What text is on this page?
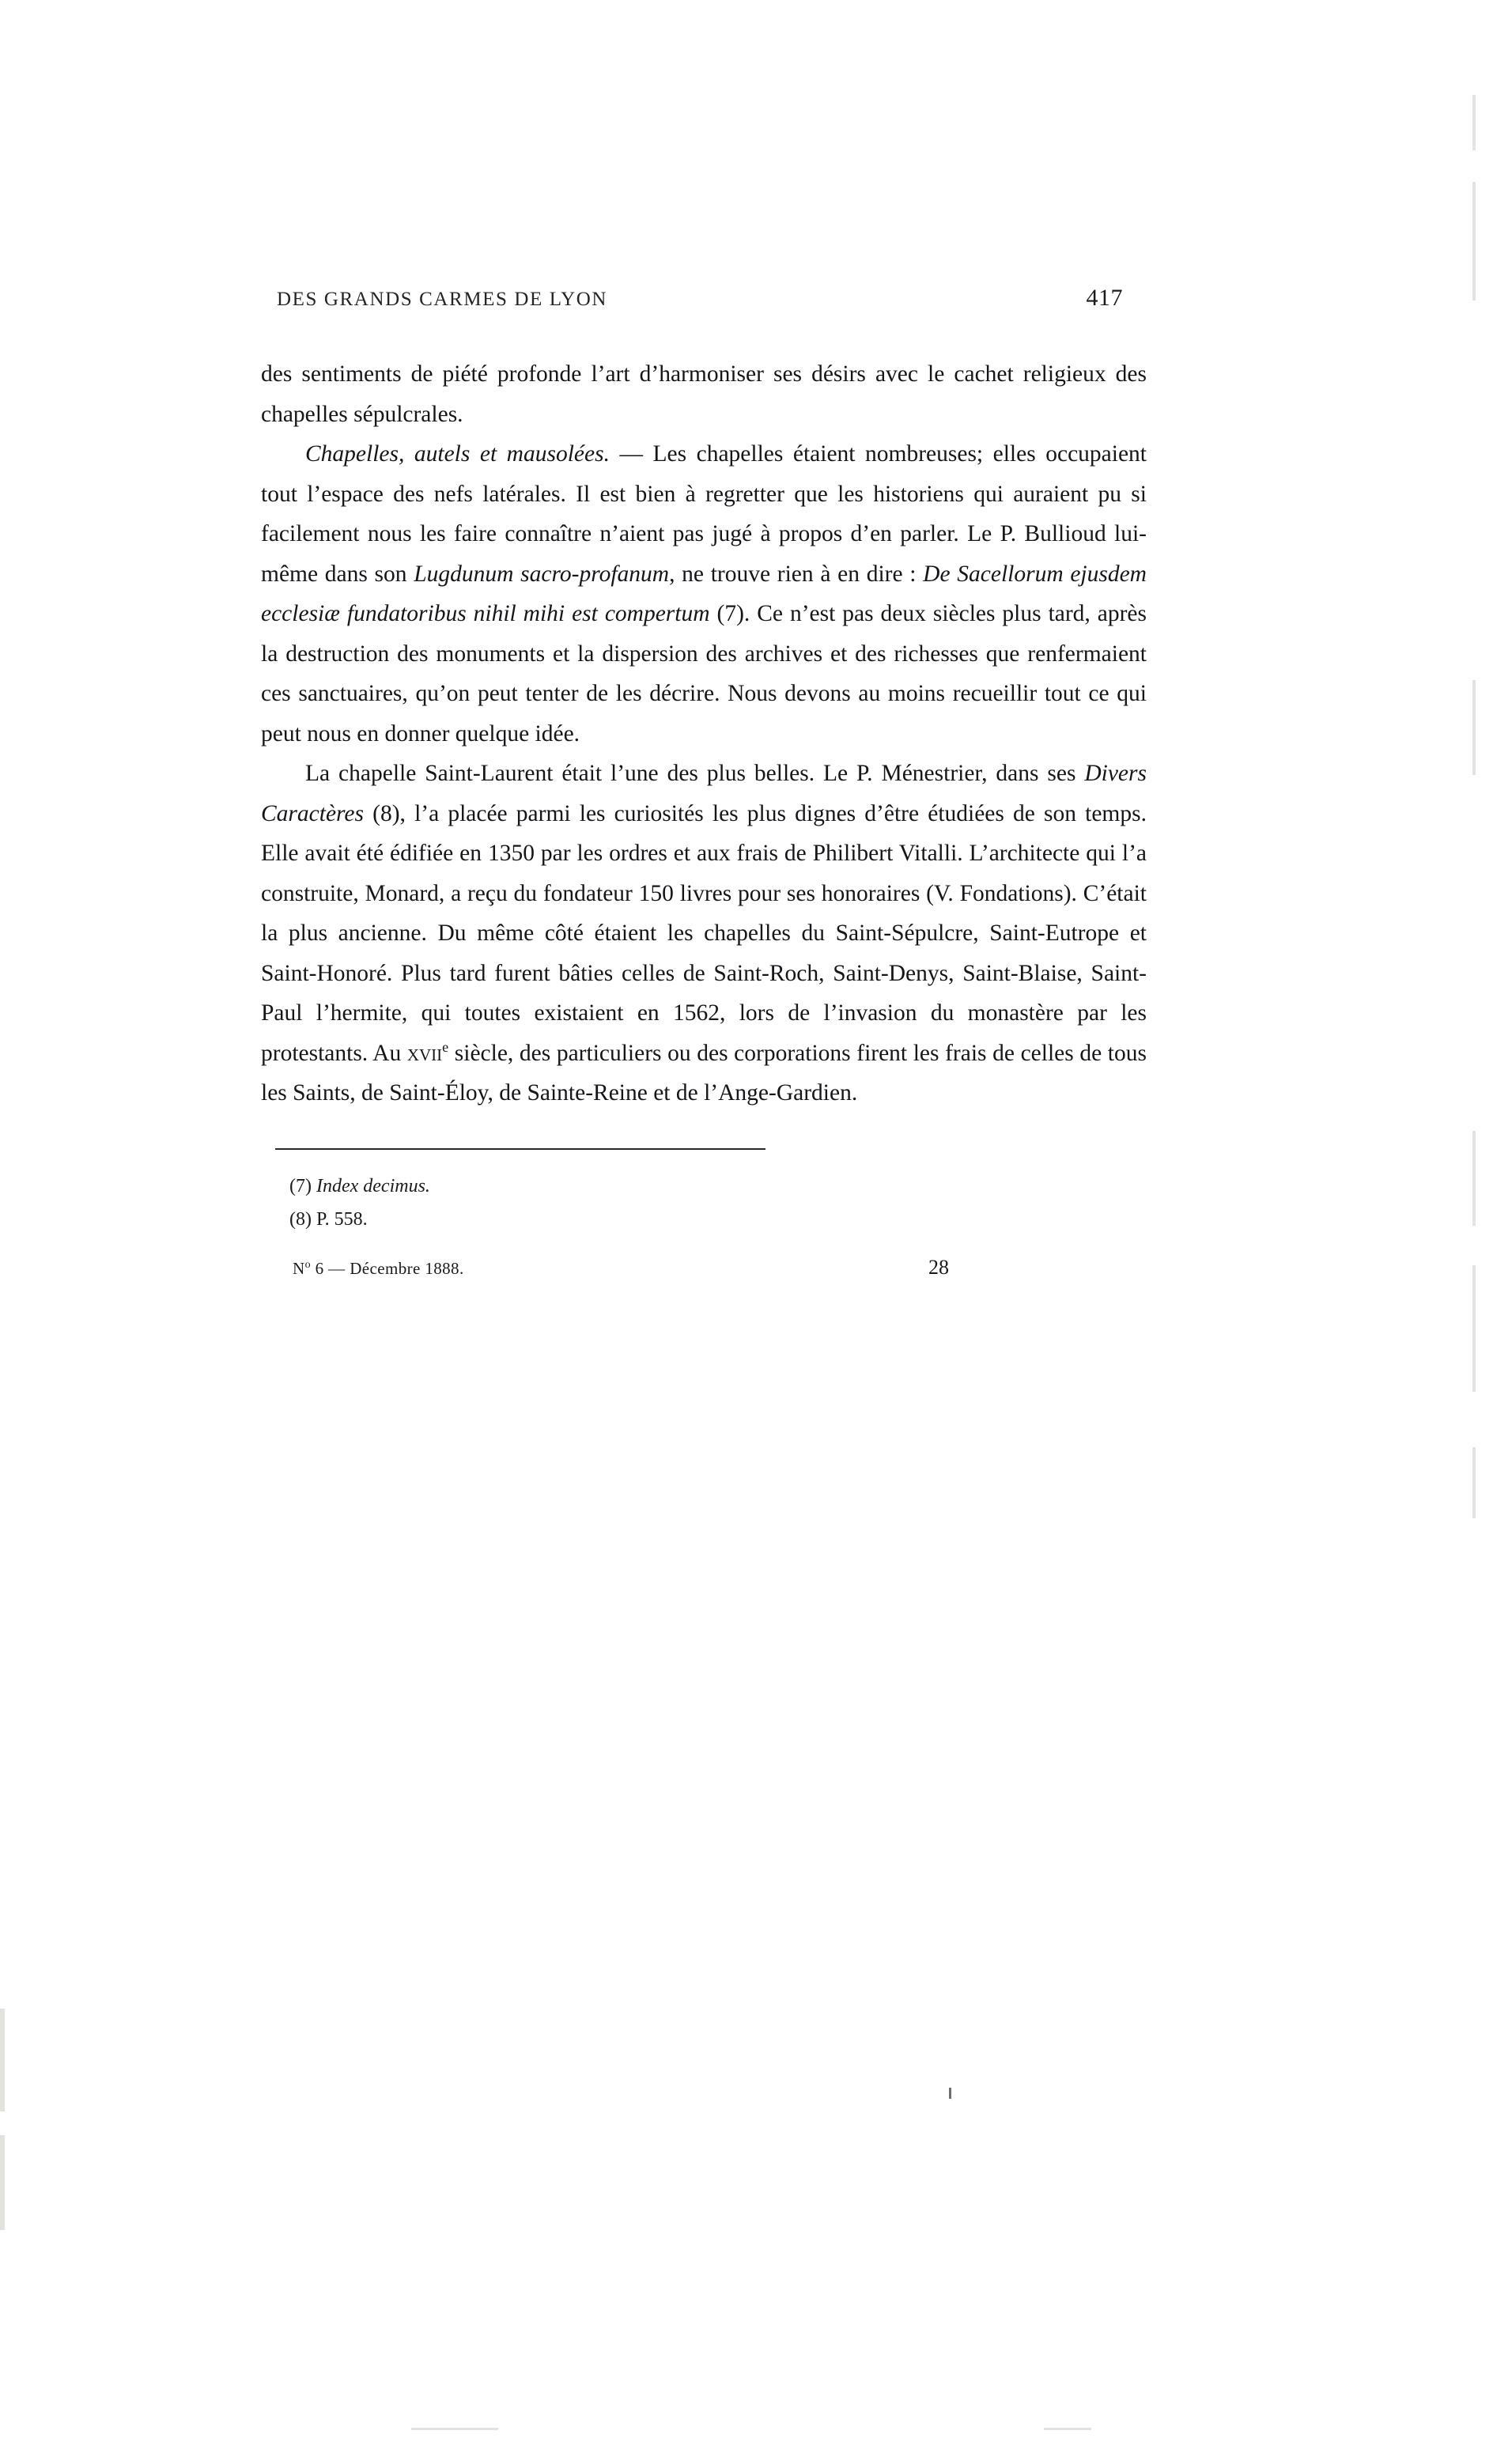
DES GRANDS CARMES DE LYON	417

des sentiments de piété profonde l’art d’harmoniser ses désirs avec le cachet religieux des chapelles sépulcrales.

Chapelles, autels et mausolées. — Les chapelles étaient nombreuses; elles occupaient tout l’espace des nefs latérales. Il est bien à regretter que les historiens qui auraient pu si facilement nous les faire connaître n’aient pas jugé à propos d’en parler. Le P. Bullioud lui-même dans son Lugdunum sacro-profanum, ne trouve rien à en dire : De Sacellorum ejusdem ecclesiæ fundatoribus nihil mihi est compertum (7). Ce n’est pas deux siècles plus tard, après la destruction des monuments et la dispersion des archives et des richesses que renfermaient ces sanctuaires, qu’on peut tenter de les décrire. Nous devons au moins recueillir tout ce qui peut nous en donner quelque idée.

La chapelle Saint-Laurent était l’une des plus belles. Le P. Ménestrier, dans ses Divers Caractères (8), l’a placée parmi les curiosités les plus dignes d’être étudiées de son temps. Elle avait été édifiée en 1350 par les ordres et aux frais de Philibert Vitalli. L’architecte qui l’a construite, Monard, a reçu du fondateur 150 livres pour ses honoraires (V. Fondations). C’était la plus ancienne. Du même côté étaient les chapelles du Saint-Sépulcre, Saint-Eutrope et Saint-Honoré. Plus tard furent bâties celles de Saint-Roch, Saint-Denys, Saint-Blaise, Saint-Paul l’hermite, qui toutes existaient en 1562, lors de l’invasion du monastère par les protestants. Au xvii$^e$ siècle, des particuliers ou des corporations firent les frais de celles de tous les Saints, de Saint-Éloy, de Sainte-Reine et de l’Ange-Gardien.

(7) Index decimus.

(8) P. 558.

$N^o$ 6 — Décembre 1888.	28
